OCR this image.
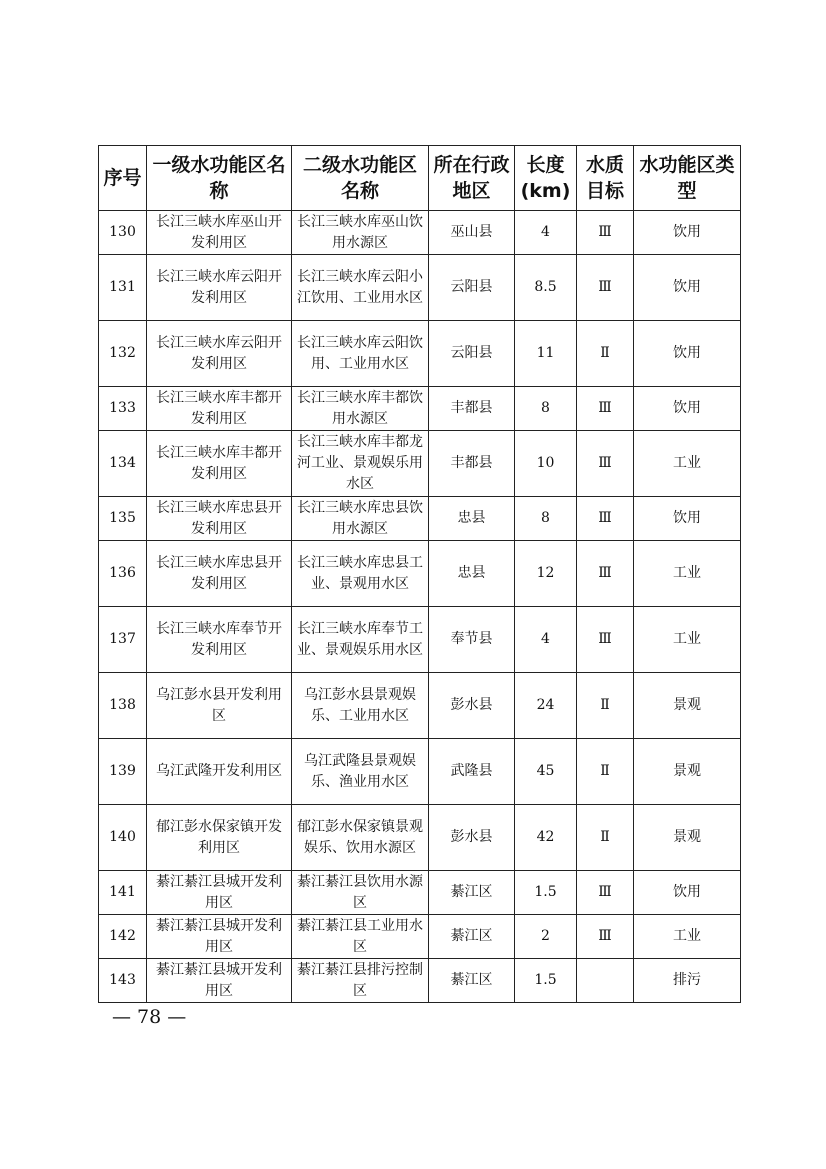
序号	一级水功能区名称	二级水功能区名称	所在行政地区	长度(km)	水质目标	水功能区类型
130	长江三峡水库巫山开发利用区	长江三峡水库巫山饮用水源区	巫山县	4	Ⅲ	饮用
131	长江三峡水库云阳开发利用区	长江三峡水库云阳小江饮用、工业用水区	云阳县	8.5	Ⅲ	饮用
132	长江三峡水库云阳开发利用区	长江三峡水库云阳饮用、工业用水区	云阳县	11	Ⅱ	饮用
133	长江三峡水库丰都开发利用区	长江三峡水库丰都饮用水源区	丰都县	8	Ⅲ	饮用
134	长江三峡水库丰都开发利用区	长江三峡水库丰都龙河工业、景观娱乐用水区	丰都县	10	Ⅲ	工业
135	长江三峡水库忠县开发利用区	长江三峡水库忠县饮用水源区	忠县	8	Ⅲ	饮用
136	长江三峡水库忠县开发利用区	长江三峡水库忠县工业、景观用水区	忠县	12	Ⅲ	工业
137	长江三峡水库奉节开发利用区	长江三峡水库奉节工业、景观娱乐用水区	奉节县	4	Ⅲ	工业
138	乌江彭水县开发利用区	乌江彭水县景观娱乐、工业用水区	彭水县	24	Ⅱ	景观
139	乌江武隆开发利用区	乌江武隆县景观娱乐、渔业用水区	武隆县	45	Ⅱ	景观
140	郁江彭水保家镇开发利用区	郁江彭水保家镇景观娱乐、饮用水源区	彭水县	42	Ⅱ	景观
141	綦江綦江县城开发利用区	綦江綦江县饮用水源区	綦江区	1.5	Ⅲ	饮用
142	綦江綦江县城开发利用区	綦江綦江县工业用水区	綦江区	2	Ⅲ	工业
143	綦江綦江县城开发利用区	綦江綦江县排污控制区	綦江区	1.5		排污
— 78 —
